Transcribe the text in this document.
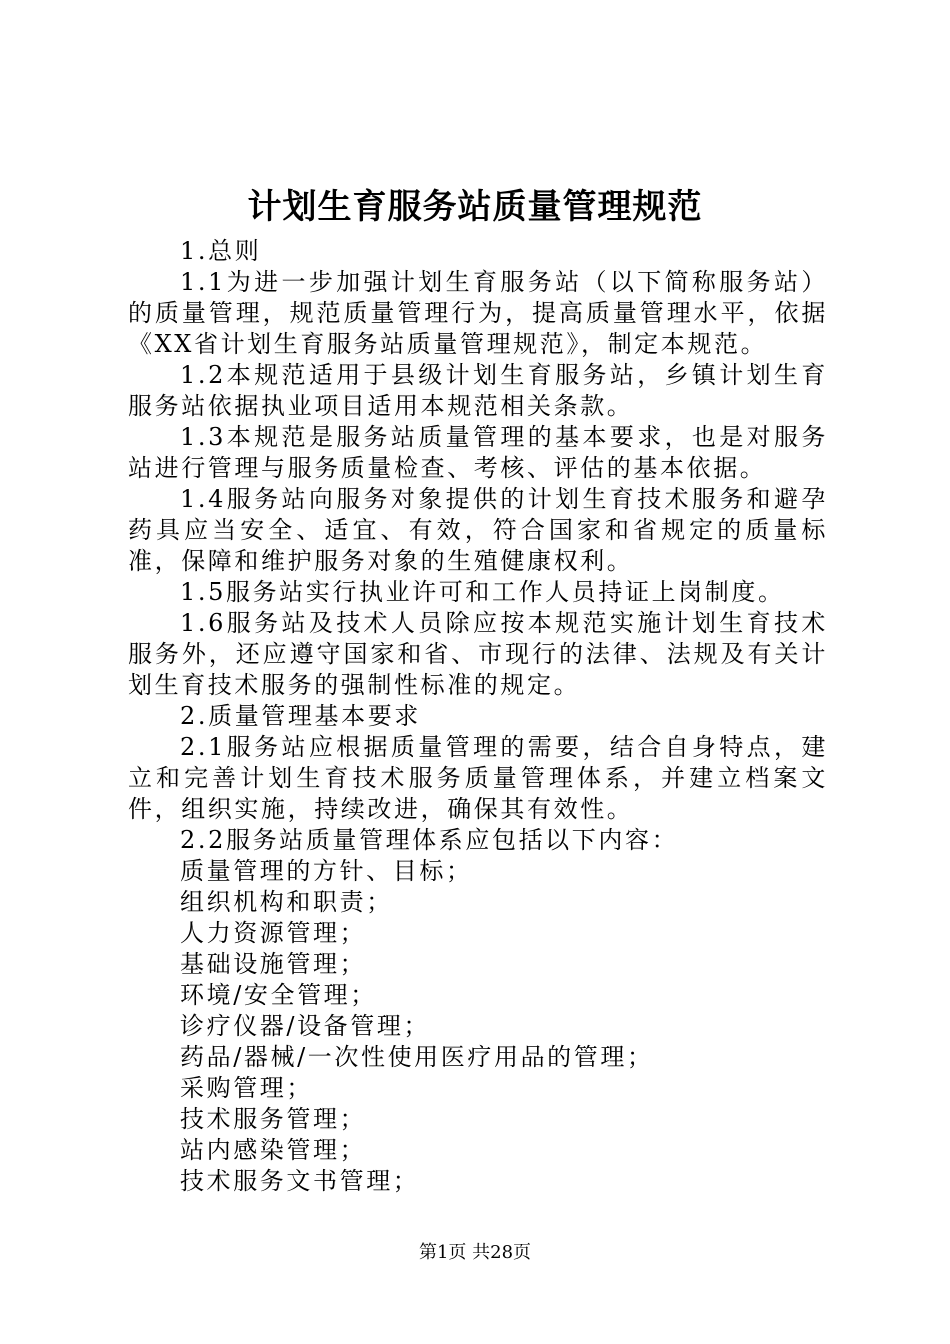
计划生育服务站质量管理规范

1.总则

1.1为进一步加强计划生育服务站（以下简称服务站）的质量管理，规范质量管理行为，提高质量管理水平，依据《XX省计划生育服务站质量管理规范》，制定本规范。

1.2本规范适用于县级计划生育服务站，乡镇计划生育服务站依据执业项目适用本规范相关条款。

1.3本规范是服务站质量管理的基本要求，也是对服务站进行管理与服务质量检查、考核、评估的基本依据。

1.4服务站向服务对象提供的计划生育技术服务和避孕药具应当安全、适宜、有效，符合国家和省规定的质量标准，保障和维护服务对象的生殖健康权利。

1.5服务站实行执业许可和工作人员持证上岗制度。

1.6服务站及技术人员除应按本规范实施计划生育技术服务外，还应遵守国家和省、市现行的法律、法规及有关计划生育技术服务的强制性标准的规定。

2.质量管理基本要求

2.1服务站应根据质量管理的需要，结合自身特点，建立和完善计划生育技术服务质量管理体系，并建立档案文件，组织实施，持续改进，确保其有效性。

2.2服务站质量管理体系应包括以下内容：

质量管理的方针、目标；

组织机构和职责；

人力资源管理；

基础设施管理；

环境/安全管理；

诊疗仪器/设备管理；

药品/器械/一次性使用医疗用品的管理；

采购管理；

技术服务管理；

站内感染管理；

技术服务文书管理；

第1页 共28页
